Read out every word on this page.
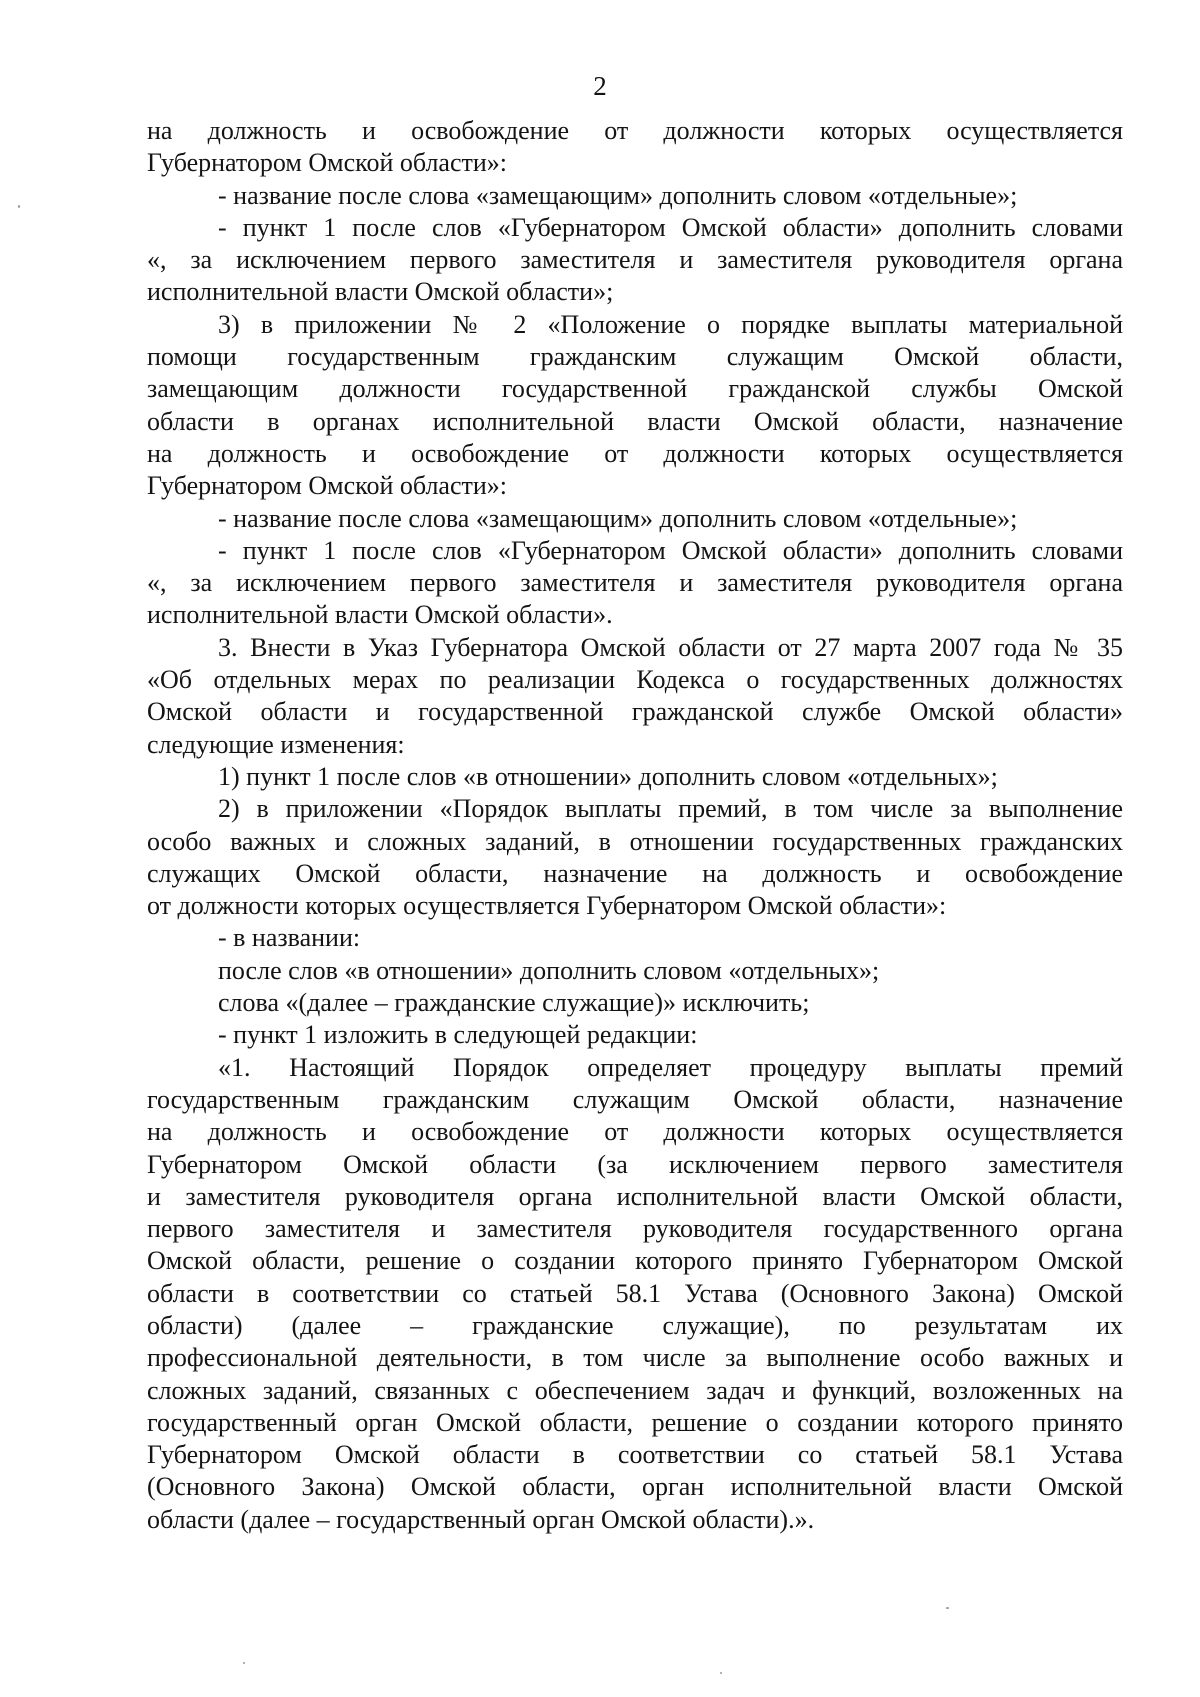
2
на должность и освобождение от должности которых осуществляется
Губернатором Омской области»:
- название после слова «замещающим» дополнить словом «отдельные»;
- пункт 1 после слов «Губернатором Омской области» дополнить словами
«, за исключением первого заместителя и заместителя руководителя органа
исполнительной власти Омской области»;
3) в приложении № 2 «Положение о порядке выплаты материальной
помощи государственным гражданским служащим Омской области,
замещающим должности государственной гражданской службы Омской
области в органах исполнительной власти Омской области, назначение
на должность и освобождение от должности которых осуществляется
Губернатором Омской области»:
- название после слова «замещающим» дополнить словом «отдельные»;
- пункт 1 после слов «Губернатором Омской области» дополнить словами
«, за исключением первого заместителя и заместителя руководителя органа
исполнительной власти Омской области».
3. Внести в Указ Губернатора Омской области от 27 марта 2007 года № 35
«Об отдельных мерах по реализации Кодекса о государственных должностях
Омской области и государственной гражданской службе Омской области»
следующие изменения:
1) пункт 1 после слов «в отношении» дополнить словом «отдельных»;
2) в приложении «Порядок выплаты премий, в том числе за выполнение
особо важных и сложных заданий, в отношении государственных гражданских
служащих Омской области, назначение на должность и освобождение
от должности которых осуществляется Губернатором Омской области»:
- в названии:
после слов «в отношении» дополнить словом «отдельных»;
слова «(далее – гражданские служащие)» исключить;
- пункт 1 изложить в следующей редакции:
«1. Настоящий Порядок определяет процедуру выплаты премий
государственным гражданским служащим Омской области, назначение
на должность и освобождение от должности которых осуществляется
Губернатором Омской области (за исключением первого заместителя
и заместителя руководителя органа исполнительной власти Омской области,
первого заместителя и заместителя руководителя государственного органа
Омской области, решение о создании которого принято Губернатором Омской
области в соответствии со статьей 58.1 Устава (Основного Закона) Омской
области) (далее – гражданские служащие), по результатам их
профессиональной деятельности, в том числе за выполнение особо важных и
сложных заданий, связанных с обеспечением задач и функций, возложенных на
государственный орган Омской области, решение о создании которого принято
Губернатором Омской области в соответствии со статьей 58.1 Устава
(Основного Закона) Омской области, орган исполнительной власти Омской
области (далее – государственный орган Омской области).».
